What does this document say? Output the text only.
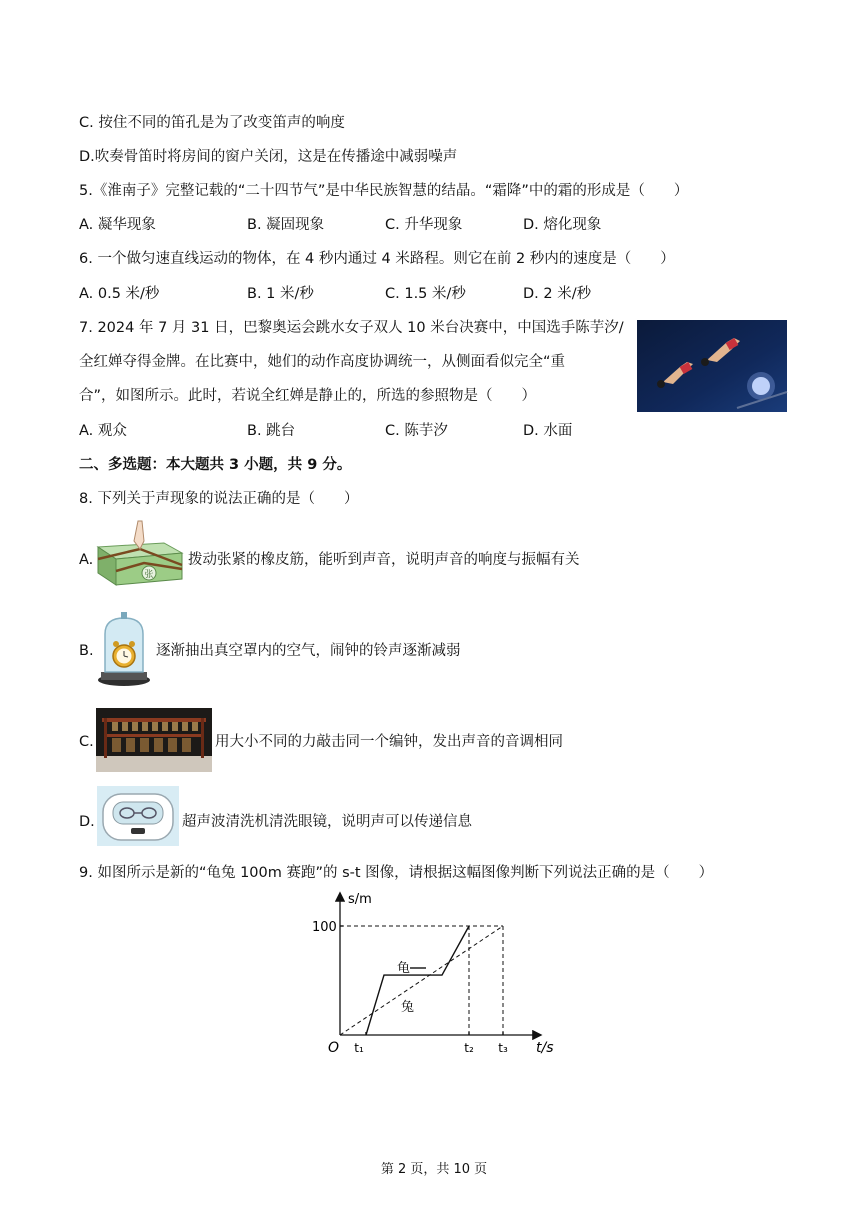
C. 按住不同的笛孔是为了改变笛声的响度
D.吹奏骨笛时将房间的窗户关闭，这是在传播途中减弱噪声
5.《淮南子》完整记载的“二十四节气”是中华民族智慧的结晶。“霜降”中的霜的形成是（　　）
A. 凝华现象	B. 凝固现象	C. 升华现象	D. 熔化现象
6. 一个做匀速直线运动的物体，在 4 秒内通过 4 米路程。则它在前 2 秒内的速度是（　　）
A. 0.5 米/秒	B. 1 米/秒	C. 1.5 米/秒	D. 2 米/秒
7. 2024 年 7 月 31 日，巴黎奥运会跳水女子双人 10 米台决赛中，中国选手陈芋汐/
全红婵夺得金牌。在比赛中，她们的动作高度协调统一，从侧面看似完全“重
合”，如图所示。此时，若说全红婵是静止的，所选的参照物是（　　）
A. 观众	B. 跳台	C. 陈芋汐	D. 水面
二、多选题：本大题共 3 小题，共 9 分。
8. 下列关于声现象的说法正确的是（　　）
A.
张
拨动张紧的橡皮筋，能听到声音，说明声音的响度与振幅有关
B.	逐渐抽出真空罩内的空气，闹钟的铃声逐渐减弱
C.	用大小不同的力敲击同一个编钟，发出声音的音调相同
D.	超声波清洗机清洗眼镜，说明声可以传递信息
9. 如图所示是新的“龟兔 100m 赛跑”的 s-t 图像，请根据这幅图像判断下列说法正确的是（　　）
s/m
t/s
O
100
t₁	t₂ t₃
龟
兔
第 2 页，共 10 页
